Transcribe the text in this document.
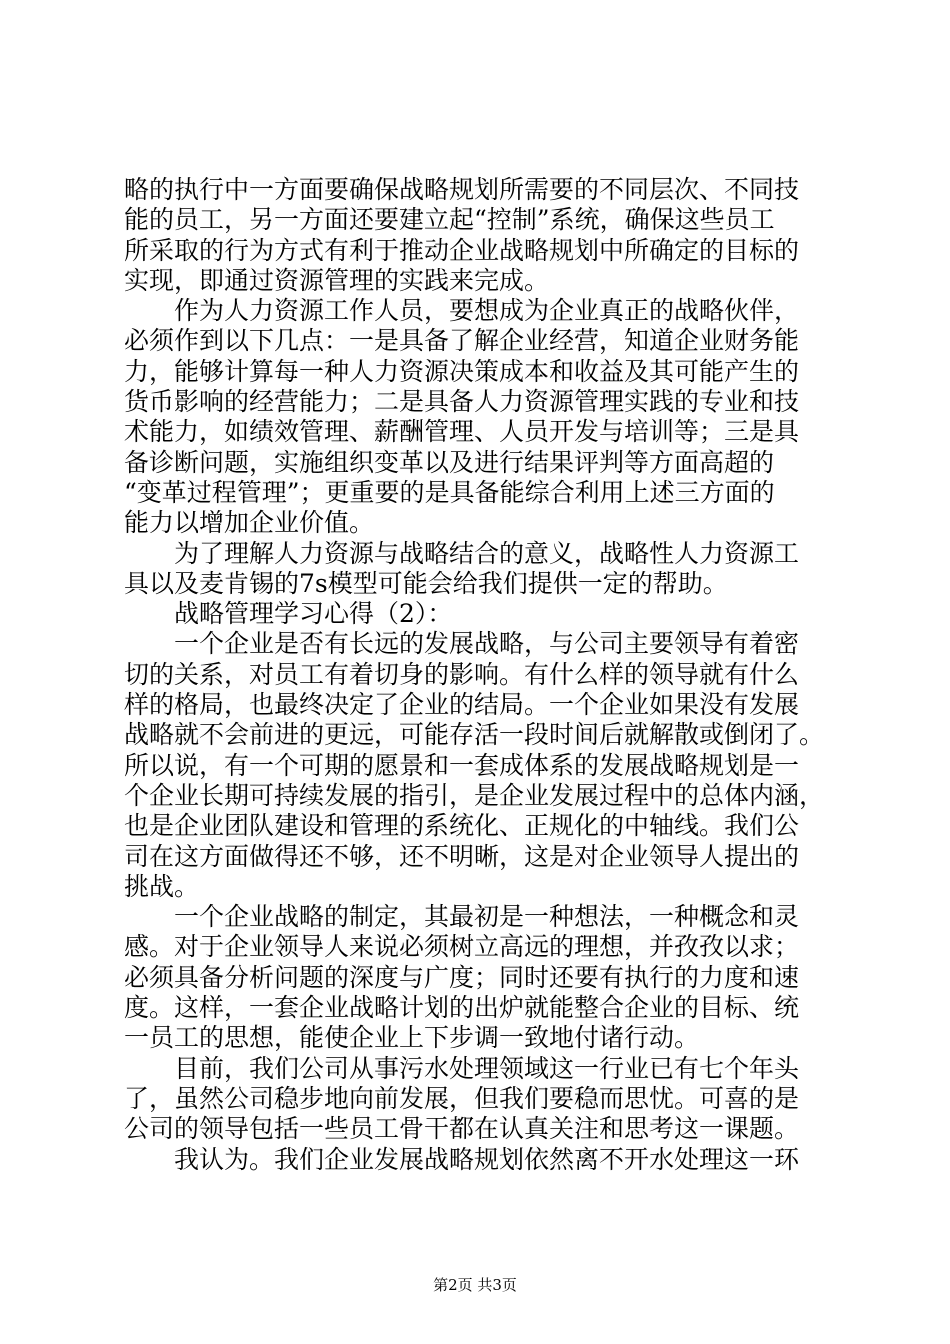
略的执行中一方面要确保战略规划所需要的不同层次、不同技
能的员工，另一方面还要建立起“控制”系统，确保这些员工
所采取的行为方式有利于推动企业战略规划中所确定的目标的
实现，即通过资源管理的实践来完成。
　　作为人力资源工作人员，要想成为企业真正的战略伙伴，
必须作到以下几点：一是具备了解企业经营，知道企业财务能
力，能够计算每一种人力资源决策成本和收益及其可能产生的
货币影响的经营能力；二是具备人力资源管理实践的专业和技
术能力，如绩效管理、薪酬管理、人员开发与培训等；三是具
备诊断问题，实施组织变革以及进行结果评判等方面高超的
“变革过程管理”；更重要的是具备能综合利用上述三方面的
能力以增加企业价值。
　　为了理解人力资源与战略结合的意义，战略性人力资源工
具以及麦肯锡的7s模型可能会给我们提供一定的帮助。
　　战略管理学习心得（2）：
　　一个企业是否有长远的发展战略，与公司主要领导有着密
切的关系，对员工有着切身的影响。有什么样的领导就有什么
样的格局，也最终决定了企业的结局。一个企业如果没有发展
战略就不会前进的更远，可能存活一段时间后就解散或倒闭了。
所以说，有一个可期的愿景和一套成体系的发展战略规划是一
个企业长期可持续发展的指引，是企业发展过程中的总体内涵，
也是企业团队建设和管理的系统化、正规化的中轴线。我们公
司在这方面做得还不够，还不明晰，这是对企业领导人提出的
挑战。
　　一个企业战略的制定，其最初是一种想法，一种概念和灵
感。对于企业领导人来说必须树立高远的理想，并孜孜以求；
必须具备分析问题的深度与广度；同时还要有执行的力度和速
度。这样，一套企业战略计划的出炉就能整合企业的目标、统
一员工的思想，能使企业上下步调一致地付诸行动。
　　目前，我们公司从事污水处理领域这一行业已有七个年头
了，虽然公司稳步地向前发展，但我们要稳而思忧。可喜的是
公司的领导包括一些员工骨干都在认真关注和思考这一课题。
　　我认为。我们企业发展战略规划依然离不开水处理这一环
第2页 共3页
